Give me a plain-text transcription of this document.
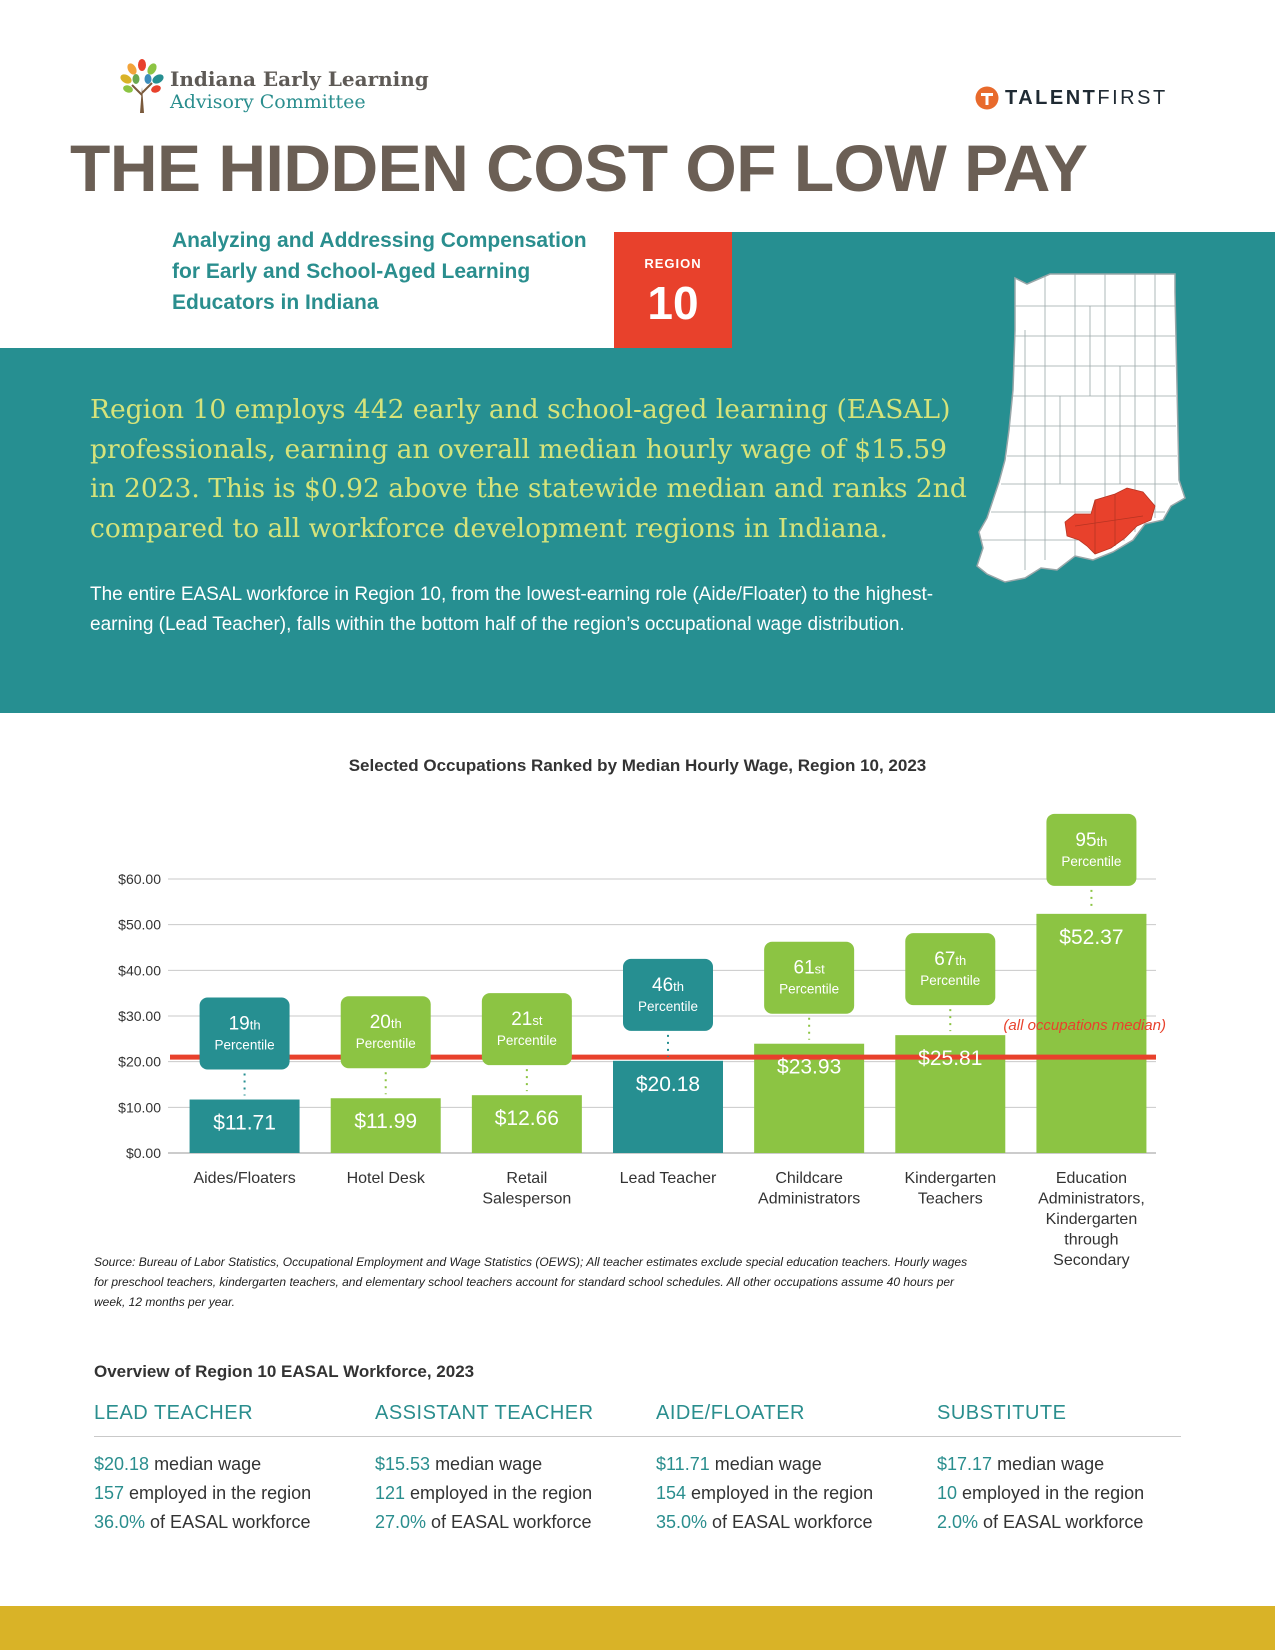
Indiana Early Learning
Advisory Committee	TALENTFIRST
THE HIDDEN COST OF LOW PAY
Analyzing and Addressing Compensation
for Early and School-Aged Learning
Educators in Indiana
REGION
10
Region 10 employs 442 early and school-aged learning (EASAL) professionals, earning an overall median hourly wage of $15.59 in 2023. This is $0.92 above the statewide median and ranks 2nd compared to all workforce development regions in Indiana.
The entire EASAL workforce in Region 10, from the lowest-earning role (Aide/Floater) to the highest-earning (Lead Teacher), falls within the bottom half of the region’s occupational wage distribution.
Selected Occupations Ranked by Median Hourly Wage, Region 10, 2023
(all occupations median)
$0.00
$10.00
$20.00
$30.00
$40.00
$50.00
$60.00
$11.71
19th
Percentile
Aides/Floaters
$11.99
20th
Percentile
Hotel Desk
$12.66
21st
Percentile
Retail
Salesperson
$20.18
46th
Percentile
Lead Teacher
$23.93
61st
Percentile
Childcare
Administrators
$25.81
67th
Percentile
Kindergarten
Teachers
$52.37
95th
Percentile
Education
Administrators,
Kindergarten
through
Secondary
Source: Bureau of Labor Statistics, Occupational Employment and Wage Statistics (OEWS); All teacher estimates exclude special education teachers. Hourly wages for preschool teachers, kindergarten teachers, and elementary school teachers account for standard school schedules. All other occupations assume 40 hours per week, 12 months per year.
Overview of Region 10 EASAL Workforce, 2023
LEAD TEACHER
$20.18 median wage
157 employed in the region
36.0% of EASAL workforce
ASSISTANT TEACHER
$15.53 median wage
121 employed in the region
27.0% of EASAL workforce
AIDE/FLOATER
$11.71 median wage
154 employed in the region
35.0% of EASAL workforce
SUBSTITUTE
$17.17 median wage
10 employed in the region
2.0% of EASAL workforce
